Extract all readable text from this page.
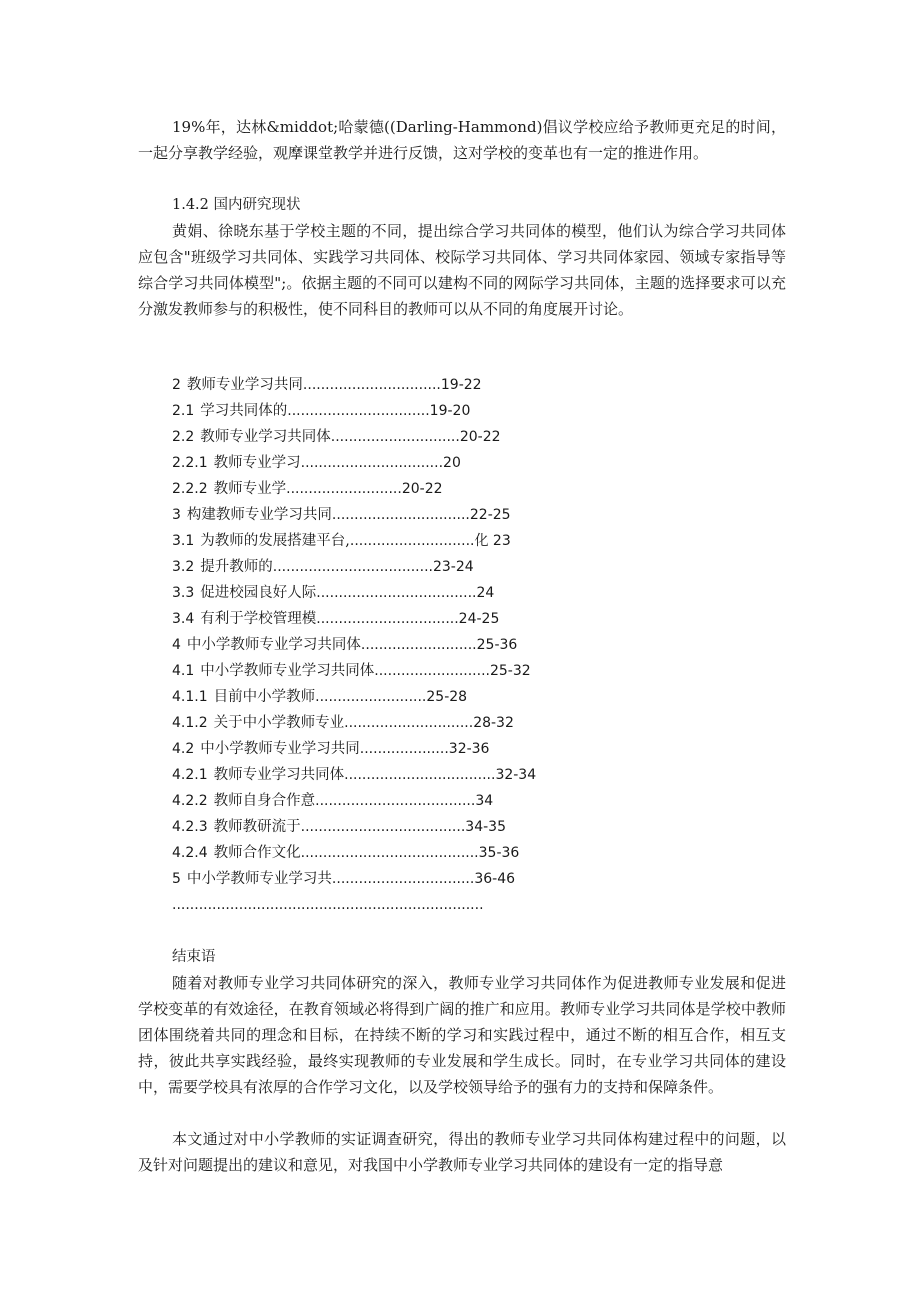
19%年，达林&middot;哈蒙德((Darling-Hammond)倡议学校应给予教师更充足的时间，一起分享教学经验，观摩课堂教学并进行反馈，这对学校的变革也有一定的推进作用。

1.4.2 国内研究现状

黄娟、徐晓东基于学校主题的不同，提出综合学习共同体的模型，他们认为综合学习共同体应包含"班级学习共同体、实践学习共同体、校际学习共同体、学习共同体家园、领域专家指导等综合学习共同体模型";。依据主题的不同可以建构不同的网际学习共同体，主题的选择要求可以充分激发教师参与的积极性，使不同科目的教师可以从不同的角度展开讨论。

2 教师专业学习共同...............................19-22
2.1 学习共同体的................................19-20
2.2 教师专业学习共同体.............................20-22
2.2.1 教师专业学习................................20
2.2.2 教师专业学..........................20-22
3 构建教师专业学习共同...............................22-25
3.1 为教师的发展搭建平台,............................化 23
3.2 提升教师的....................................23-24
3.3 促进校园良好人际....................................24
3.4 有利于学校管理模................................24-25
4 中小学教师专业学习共同体..........................25-36
4.1 中小学教师专业学习共同体..........................25-32
4.1.1 目前中小学教师.........................25-28
4.1.2 关于中小学教师专业.............................28-32
4.2 中小学教师专业学习共同....................32-36
4.2.1 教师专业学习共同体..................................32-34
4.2.2 教师自身合作意....................................34
4.2.3 教师教研流于.....................................34-35
4.2.4 教师合作文化........................................35-36
5 中小学教师专业学习共................................36-46

......................................................................

结束语

随着对教师专业学习共同体研究的深入，教师专业学习共同体作为促进教师专业发展和促进学校变革的有效途径，在教育领域必将得到广阔的推广和应用。教师专业学习共同体是学校中教师团体围绕着共同的理念和目标，在持续不断的学习和实践过程中，通过不断的相互合作，相互支持，彼此共享实践经验，最终实现教师的专业发展和学生成长。同时，在专业学习共同体的建设中，需要学校具有浓厚的合作学习文化，以及学校领导给予的强有力的支持和保障条件。

本文通过对中小学教师的实证调查研究，得出的教师专业学习共同体构建过程中的问题，以及针对问题提出的建议和意见，对我国中小学教师专业学习共同体的建设有一定的指导意
